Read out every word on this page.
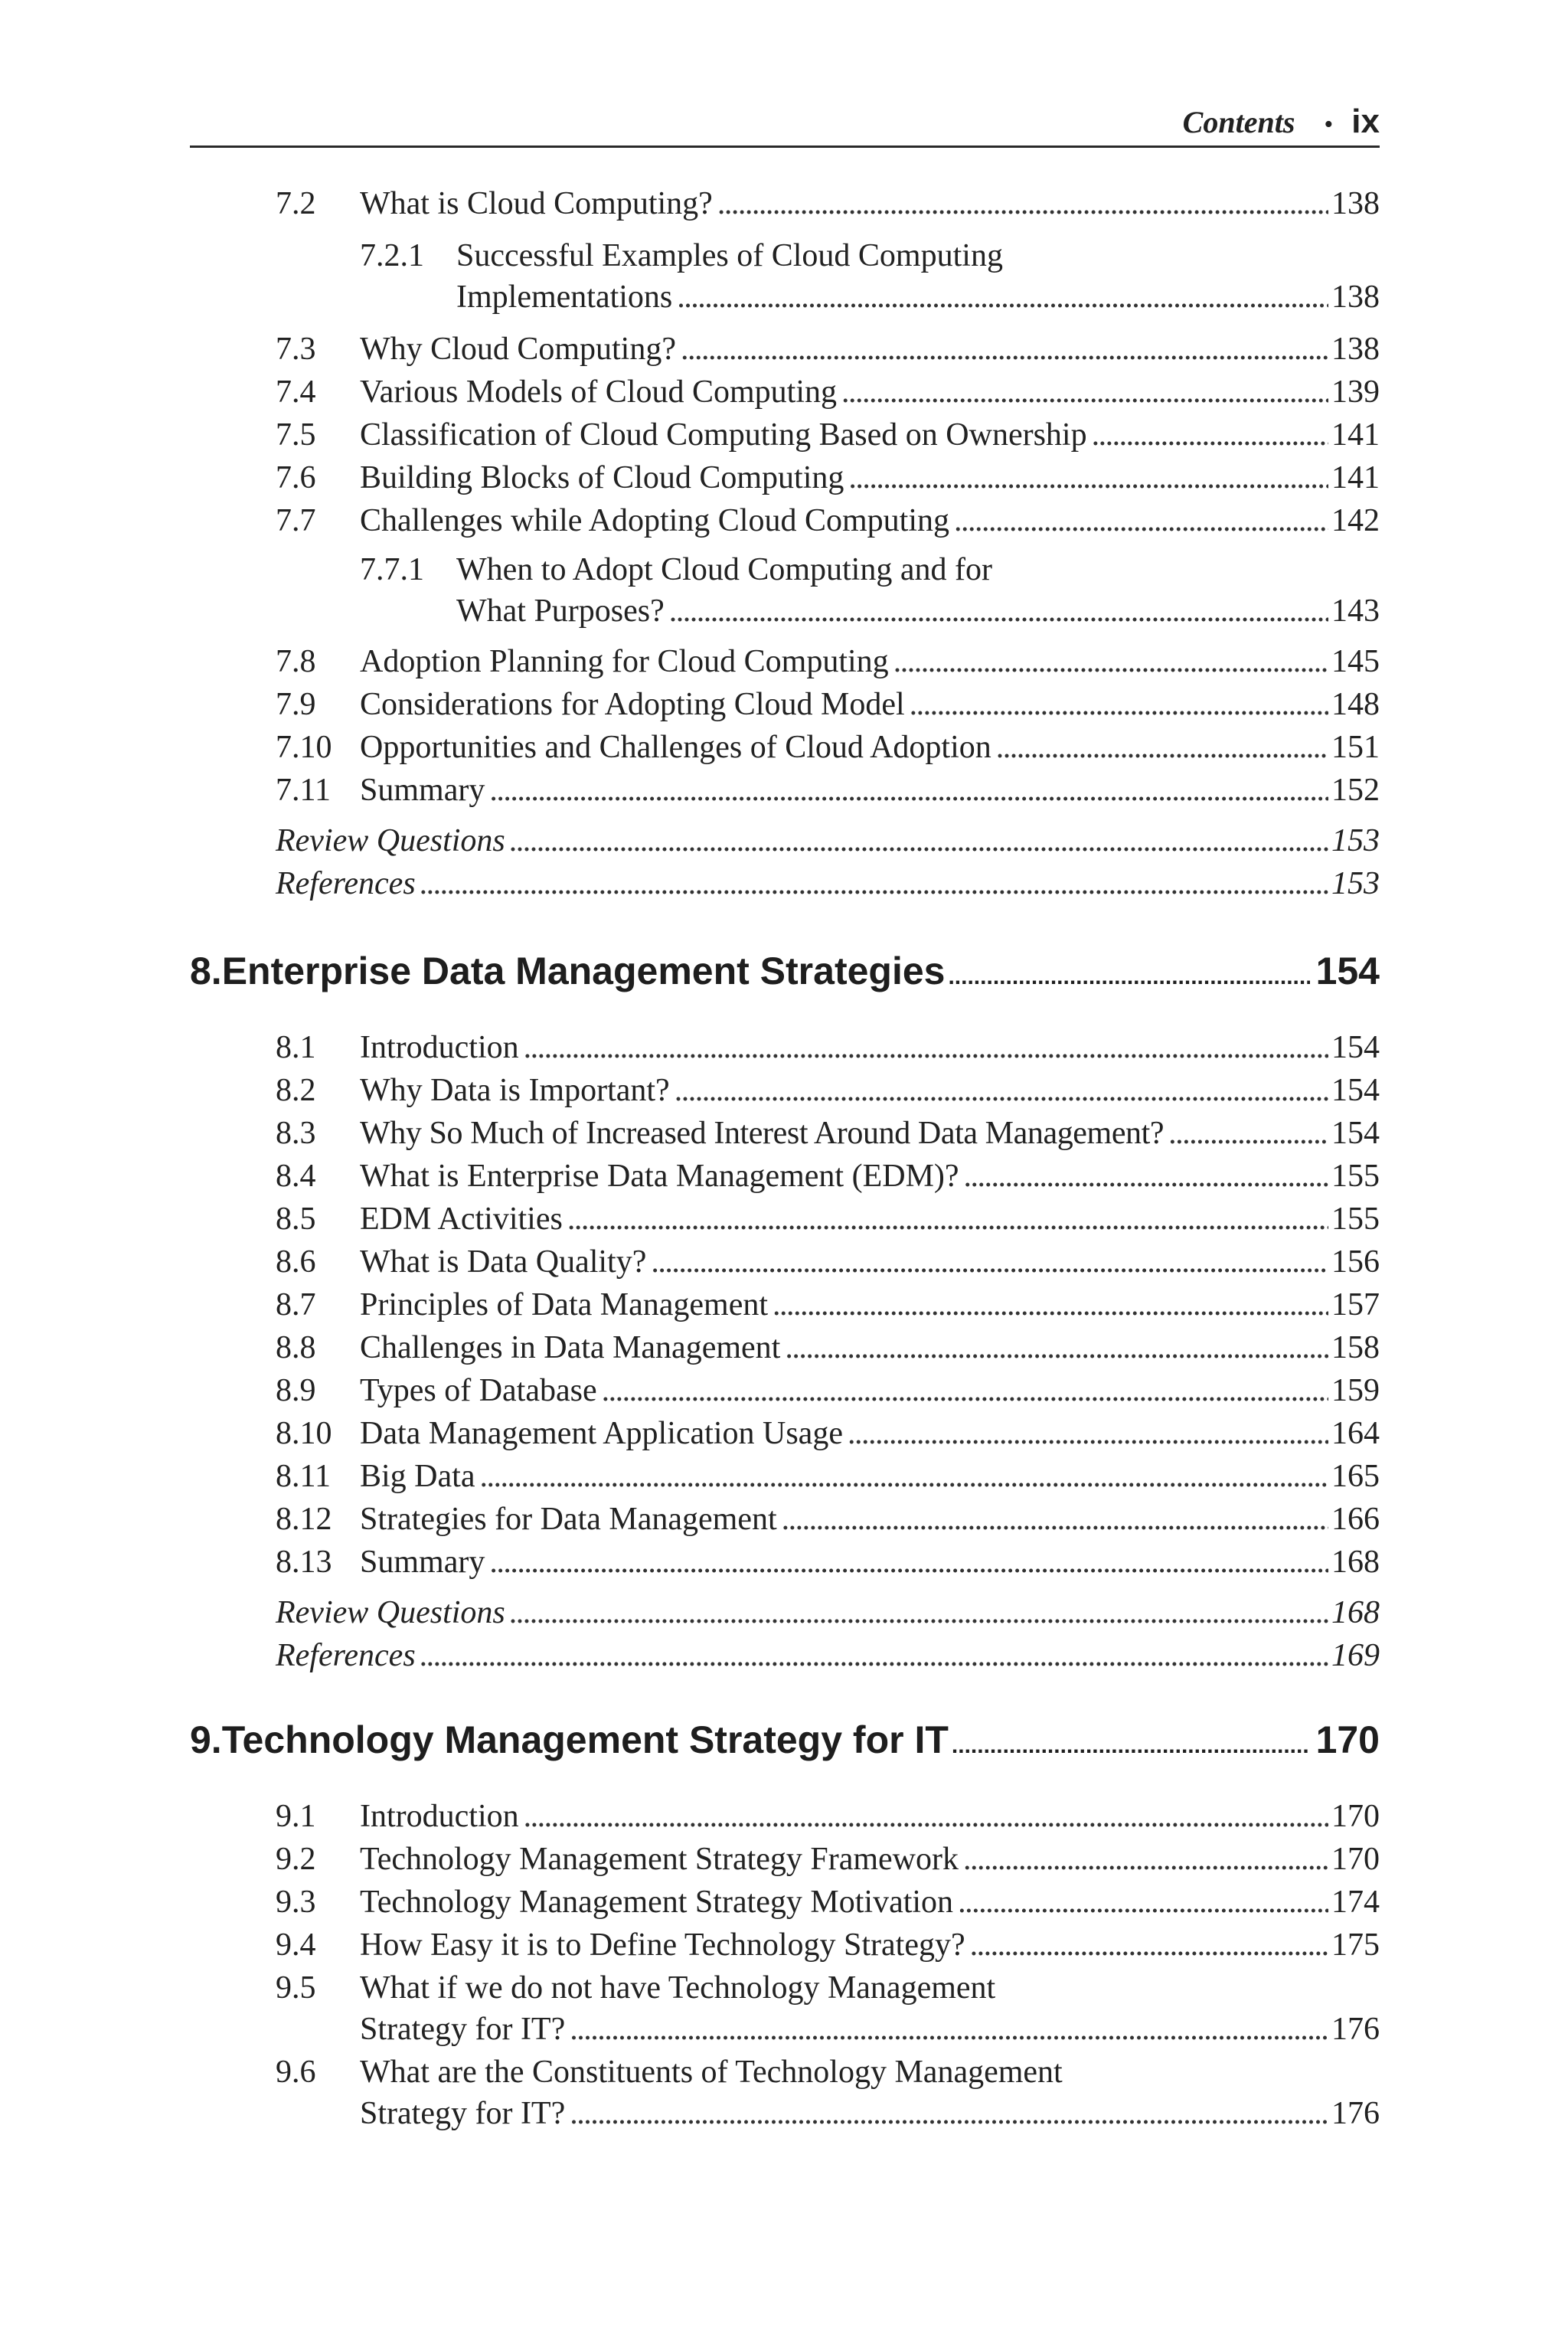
Contents • ix
7.2	What is Cloud Computing? . . .	138
7.2.1 Successful Examples of Cloud Computing
Implementations . . .	138
7.3	Why Cloud Computing? . . .	138
7.4	Various Models of Cloud Computing . . .	139
7.5	Classification of Cloud Computing Based on Ownership . . .	141
7.6	Building Blocks of Cloud Computing . . .	141
7.7	Challenges while Adopting Cloud Computing . . .	142
7.7.1 When to Adopt Cloud Computing and for
What Purposes? . . .	143
7.8	Adoption Planning for Cloud Computing . . .	145
7.9	Considerations for Adopting Cloud Model . . .	148
7.10 Opportunities and Challenges of Cloud Adoption . . .	151
7.11 Summary . . .	152
Review Questions . . .	153
References . . .	153
8. Enterprise Data Management Strategies .....	154
8.1	Introduction . . .	154
8.2	Why Data is Important? . . .	154
8.3	Why So Much of Increased Interest Around Data Management? . . .	154
8.4	What is Enterprise Data Management (EDM)? . . .	155
8.5	EDM Activities . . .	155
8.6	What is Data Quality? . . .	156
8.7	Principles of Data Management . . .	157
8.8	Challenges in Data Management . . .	158
8.9	Types of Database . . .	159
8.10 Data Management Application Usage . . .	164
8.11 Big Data . . .	165
8.12 Strategies for Data Management . . .	166
8.13 Summary . . .	168
Review Questions . . .	168
References . . .	169
9. Technology Management Strategy for IT .....	170
9.1	Introduction . . .	170
9.2	Technology Management Strategy Framework . . .	170
9.3	Technology Management Strategy Motivation . . .	174
9.4	How Easy it is to Define Technology Strategy? . . .	175
9.5 What if we do not have Technology Management
Strategy for IT? . . .	176
9.6 What are the Constituents of Technology Management
Strategy for IT? . . .	176
